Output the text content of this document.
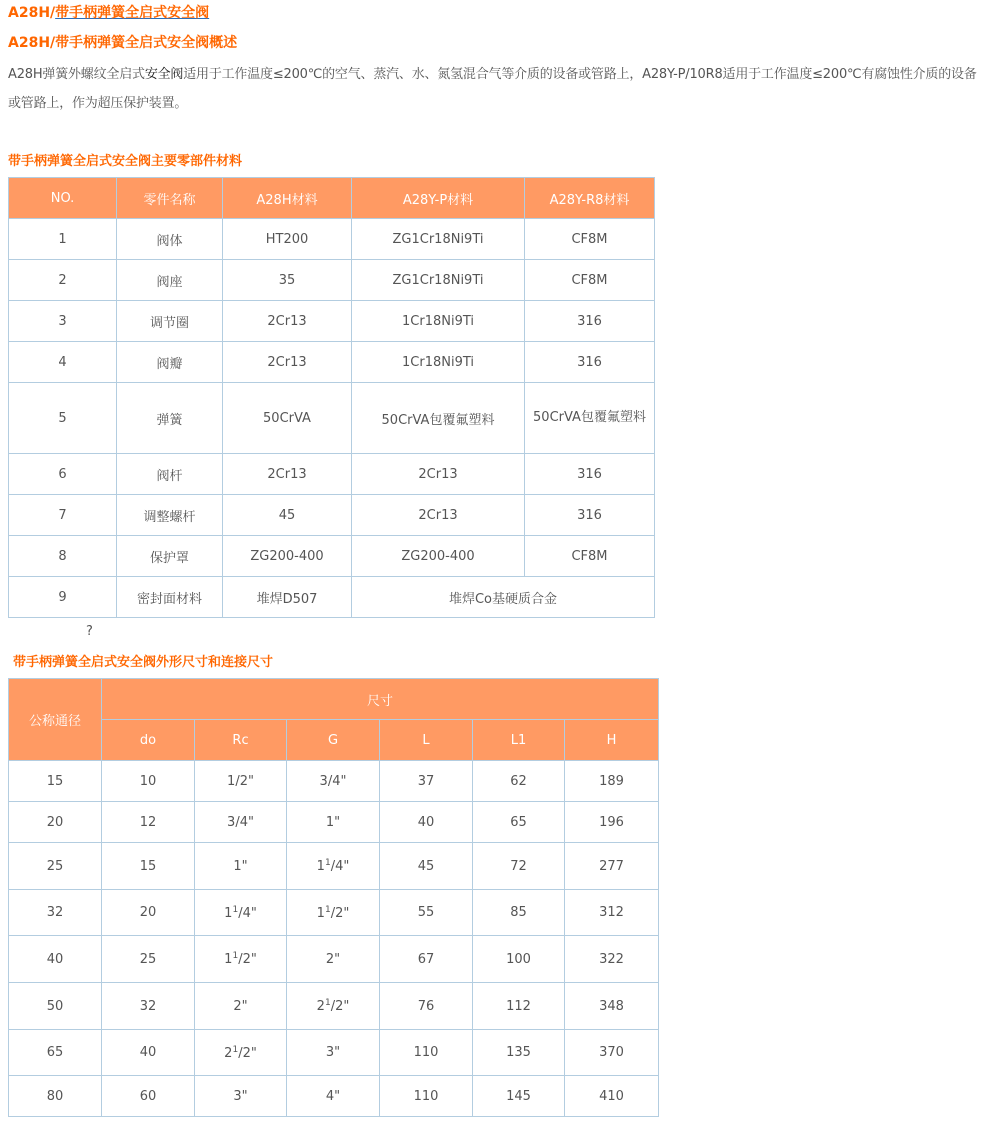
A28H/带手柄弹簧全启式安全阀
A28H/带手柄弹簧全启式安全阀概述
A28H弹簧外螺纹全启式安全阀适用于工作温度≤200℃的空气、蒸汽、水、氮氢混合气等介质的设备或管路上，A28Y-P/10R8适用于工作温度≤200℃有腐蚀性介质的设备或管路上，作为超压保护装置。
带手柄弹簧全启式安全阀主要零部件材料
NO.	零件名称	A28H材料	A28Y-P材料	A28Y-R8材料
1	阀体	HT200	ZG1Cr18Ni9Ti	CF8M
2	阀座	35	ZG1Cr18Ni9Ti	CF8M
3	调节圈	2Cr13	1Cr18Ni9Ti	316
4	阀瓣	2Cr13	1Cr18Ni9Ti	316
5	弹簧	50CrVA	50CrVA包覆氟塑料	50CrVA包覆氟塑料
6	阀杆	2Cr13	2Cr13	316
7	调整螺杆	45	2Cr13	316
8	保护罩	ZG200-400	ZG200-400	CF8M
9	密封面材料	堆焊D507	堆焊Co基硬质合金	
?
带手柄弹簧全启式安全阀外形尺寸和连接尺寸
公称通径	尺寸					
	do	Rc	G	L	L1	H
15	10	1/2"	3/4"	37	62	189
20	12	3/4"	1"	40	65	196
25	15	1"	$1^1/4$"	45	72	277
32	20	$1^1/4$"	$1^1/2$"	55	85	312
40	25	$1^1/2$"	2"	67	100	322
50	32	2"	$2^1/2$"	76	112	348
65	40	$2^1/2$"	3"	110	135	370
80	60	3"	4"	110	145	410
